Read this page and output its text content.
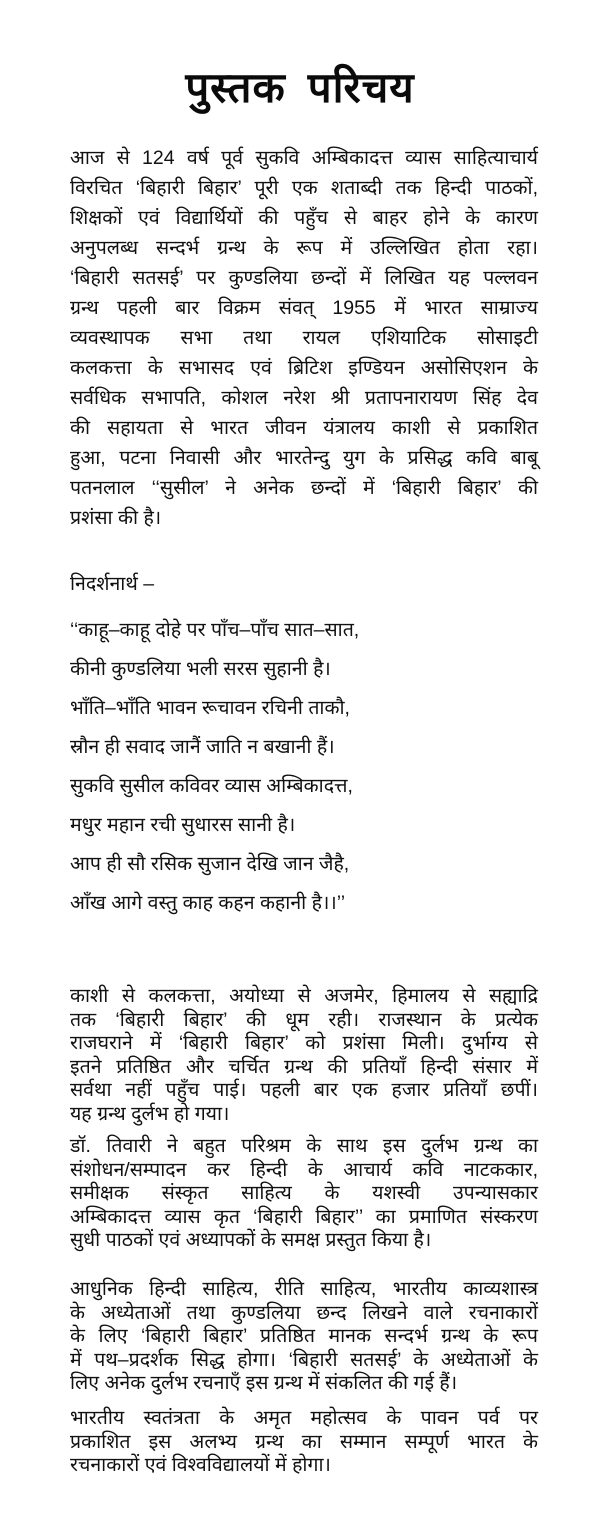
पुस्तक परिचय
आज से 124 वर्ष पूर्व सुकवि अम्बिकादत्त व्यास साहित्याचार्य
विरचित ‘बिहारी बिहार’ पूरी एक शताब्दी तक हिन्दी पाठकों,
शिक्षकों एवं विद्यार्थियों की पहुँच से बाहर होने के कारण
अनुपलब्ध सन्दर्भ ग्रन्थ के रूप में उल्लिखित होता रहा।
‘बिहारी सतसई’ पर कुण्डलिया छन्दों में लिखित यह पल्लवन
ग्रन्थ पहली बार विक्रम संवत् 1955 में भारत साम्राज्य
व्यवस्थापक सभा तथा रायल एशियाटिक सोसाइटी
कलकत्ता के सभासद एवं ब्रिटिश इण्डियन असोसिएशन के
सर्वधिक सभापति, कोशल नरेश श्री प्रतापनारायण सिंह देव
की सहायता से भारत जीवन यंत्रालय काशी से प्रकाशित
हुआ, पटना निवासी और भारतेन्दु युग के प्रसिद्ध कवि बाबू
पतनलाल ‘‘सुसील’ ने अनेक छन्दों में ‘बिहारी बिहार’ की
प्रशंसा की है।
निदर्शनार्थ –
‘‘काहू–काहू दोहे पर पाँच–पाँच सात–सात,
कीनी कुण्डलिया भली सरस सुहानी है।
भाँति–भाँति भावन रूचावन रचिनी ताकौ,
स्रौन ही सवाद जानैं जाति न बखानी हैं।
सुकवि सुसील कविवर व्यास अम्बिकादत्त,
मधुर महान रची सुधारस सानी है।
आप ही सौ रसिक सुजान देखि जान जैहै,
आँख आगे वस्तु काह कहन कहानी है।।’’
काशी से कलकत्ता, अयोध्या से अजमेर, हिमालय से सह्याद्रि
तक ‘बिहारी बिहार’ की धूम रही। राजस्थान के प्रत्येक
राजघराने में ‘बिहारी बिहार’ को प्रशंसा मिली। दुर्भाग्य से
इतने प्रतिष्ठित और चर्चित ग्रन्थ की प्रतियाँ हिन्दी संसार में
सर्वथा नहीं पहुँच पाई। पहली बार एक हजार प्रतियाँ छपीं।
यह ग्रन्थ दुर्लभ हो गया।
डॉ. तिवारी ने बहुत परिश्रम के साथ इस दुर्लभ ग्रन्थ का
संशोधन/सम्पादन कर हिन्दी के आचार्य कवि नाटककार,
समीक्षक संस्कृत साहित्य के यशस्वी उपन्यासकार
अम्बिकादत्त व्यास कृत ‘बिहारी बिहार’’ का प्रमाणित संस्करण
सुधी पाठकों एवं अध्यापकों के समक्ष प्रस्तुत किया है।
आधुनिक हिन्दी साहित्य, रीति साहित्य, भारतीय काव्यशास्त्र
के अध्येताओं तथा कुण्डलिया छन्द लिखने वाले रचनाकारों
के लिए ‘बिहारी बिहार’ प्रतिष्ठित मानक सन्दर्भ ग्रन्थ के रूप
में पथ–प्रदर्शक सिद्ध होगा। ‘बिहारी सतसई’ के अध्येताओं के
लिए अनेक दुर्लभ रचनाएँ इस ग्रन्थ में संकलित की गई हैं।
भारतीय स्वतंत्रता के अमृत महोत्सव के पावन पर्व पर
प्रकाशित इस अलभ्य ग्रन्थ का सम्मान सम्पूर्ण भारत के
रचनाकारों एवं विश्वविद्यालयों में होगा।
